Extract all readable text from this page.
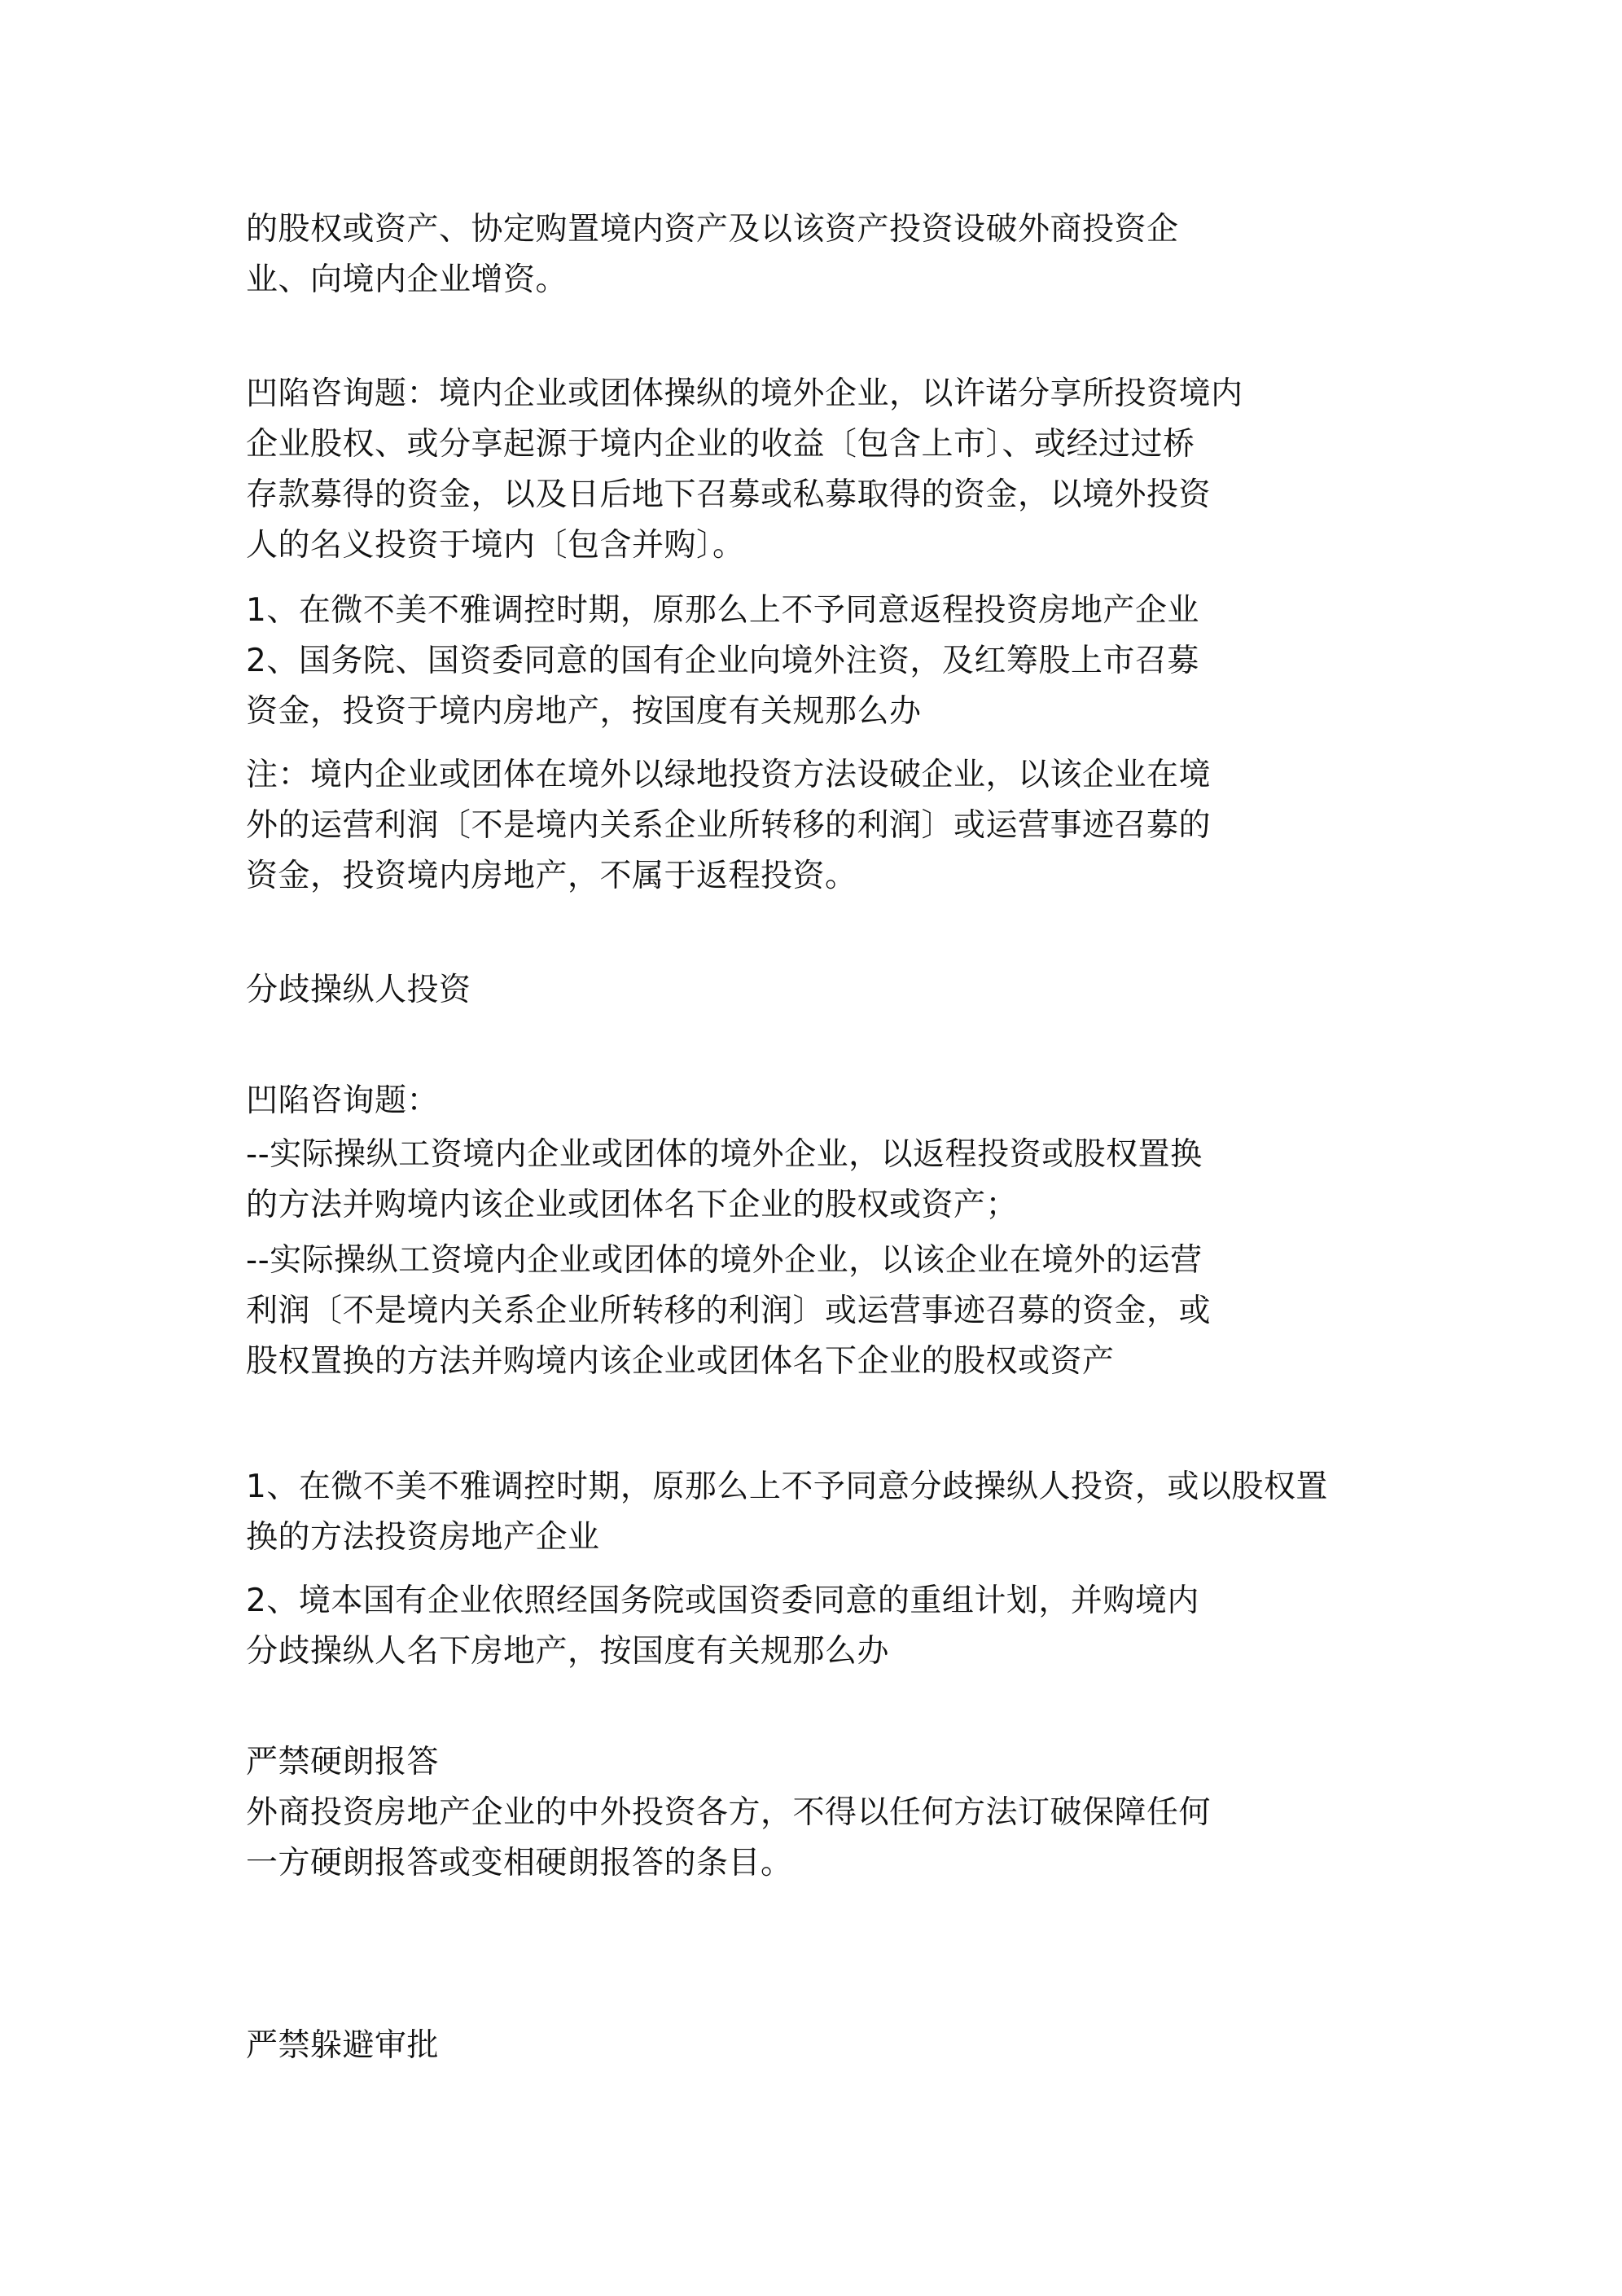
的股权或资产、协定购置境内资产及以该资产投资设破外商投资企
业、向境内企业增资。
凹陷咨询题：境内企业或团体操纵的境外企业，以许诺分享所投资境内
企业股权、或分享起源于境内企业的收益〔包含上市〕、或经过过桥
存款募得的资金，以及日后地下召募或私募取得的资金，以境外投资
人的名义投资于境内〔包含并购〕。
1、在微不美不雅调控时期，原那么上不予同意返程投资房地产企业
2、国务院、国资委同意的国有企业向境外注资，及红筹股上市召募
资金，投资于境内房地产，按国度有关规那么办
注：境内企业或团体在境外以绿地投资方法设破企业，以该企业在境
外的运营利润〔不是境内关系企业所转移的利润〕或运营事迹召募的
资金，投资境内房地产，不属于返程投资。
分歧操纵人投资
凹陷咨询题：
--实际操纵工资境内企业或团体的境外企业，以返程投资或股权置换
的方法并购境内该企业或团体名下企业的股权或资产；
--实际操纵工资境内企业或团体的境外企业，以该企业在境外的运营
利润〔不是境内关系企业所转移的利润〕或运营事迹召募的资金，或
股权置换的方法并购境内该企业或团体名下企业的股权或资产
1、在微不美不雅调控时期，原那么上不予同意分歧操纵人投资，或以股权置
换的方法投资房地产企业
2、境本国有企业依照经国务院或国资委同意的重组计划，并购境内
分歧操纵人名下房地产，按国度有关规那么办
严禁硬朗报答
外商投资房地产企业的中外投资各方，不得以任何方法订破保障任何
一方硬朗报答或变相硬朗报答的条目。
严禁躲避审批
